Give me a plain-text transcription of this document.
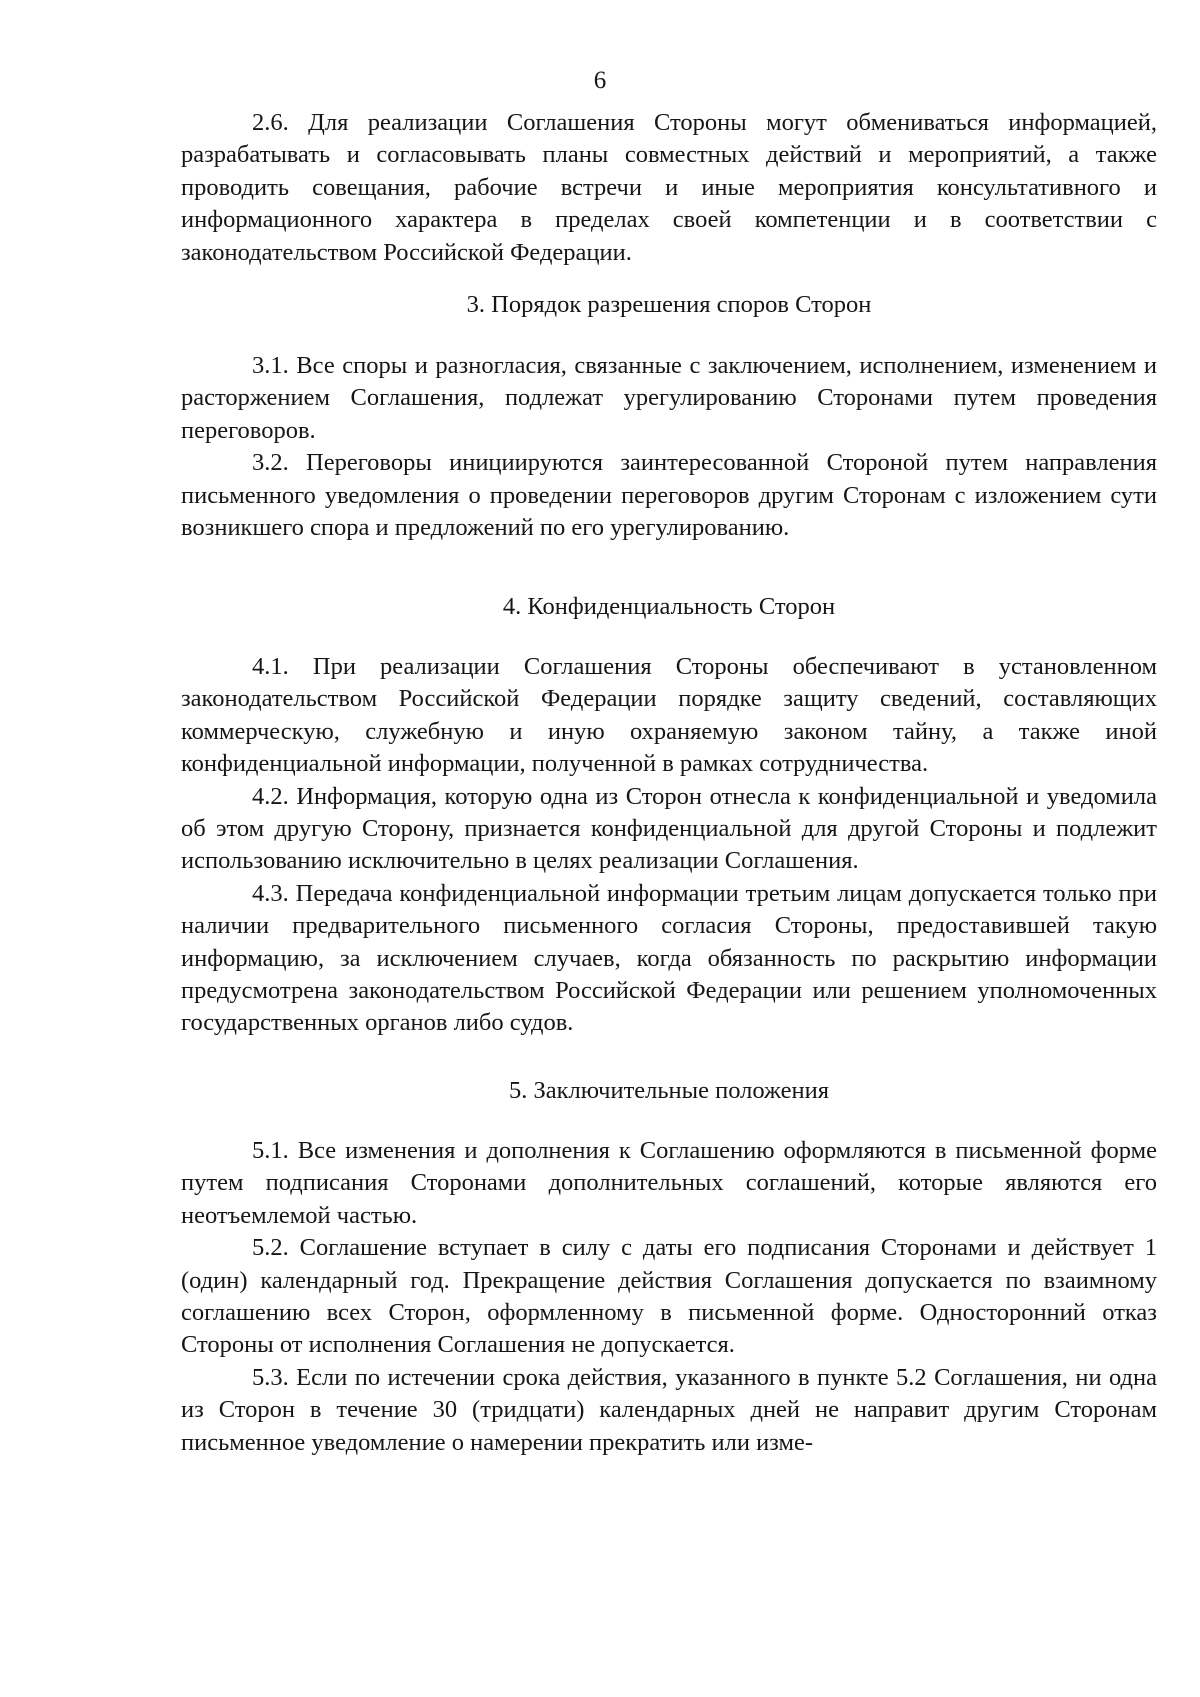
6

2.6. Для реализации Соглашения Стороны могут обмениваться информацией, разрабатывать и согласовывать планы совместных действий и мероприятий, а также проводить совещания, рабочие встречи и иные мероприятия консультативного и информационного характера в пределах своей компетенции и в соответствии с законодательством Российской Федерации.

3. Порядок разрешения споров Сторон

3.1. Все споры и разногласия, связанные с заключением, исполнением, изменением и расторжением Соглашения, подлежат урегулированию Сторонами путем проведения переговоров.

3.2. Переговоры инициируются заинтересованной Стороной путем направления письменного уведомления о проведении переговоров другим Сторонам с изложением сути возникшего спора и предложений по его урегулированию.

4. Конфиденциальность Сторон

4.1. При реализации Соглашения Стороны обеспечивают в установленном законодательством Российской Федерации порядке защиту сведений, составляющих коммерческую, служебную и иную охраняемую законом тайну, а также иной конфиденциальной информации, полученной в рамках сотрудничества.

4.2. Информация, которую одна из Сторон отнесла к конфиденциальной и уведомила об этом другую Сторону, признается конфиденциальной для другой Стороны и подлежит использованию исключительно в целях реализации Соглашения.

4.3. Передача конфиденциальной информации третьим лицам допускается только при наличии предварительного письменного согласия Стороны, предоставившей такую информацию, за исключением случаев, когда обязанность по раскрытию информации предусмотрена законодательством Российской Федерации или решением уполномоченных государственных органов либо судов.

5. Заключительные положения

5.1. Все изменения и дополнения к Соглашению оформляются в письменной форме путем подписания Сторонами дополнительных соглашений, которые являются его неотъемлемой частью.

5.2. Соглашение вступает в силу с даты его подписания Сторонами и действует 1 (один) календарный год. Прекращение действия Соглашения допускается по взаимному соглашению всех Сторон, оформленному в письменной форме. Односторонний отказ Стороны от исполнения Соглашения не допускается.

5.3. Если по истечении срока действия, указанного в пункте 5.2 Соглашения, ни одна из Сторон в течение 30 (тридцати) календарных дней не направит другим Сторонам письменное уведомление о намерении прекратить или изме-
